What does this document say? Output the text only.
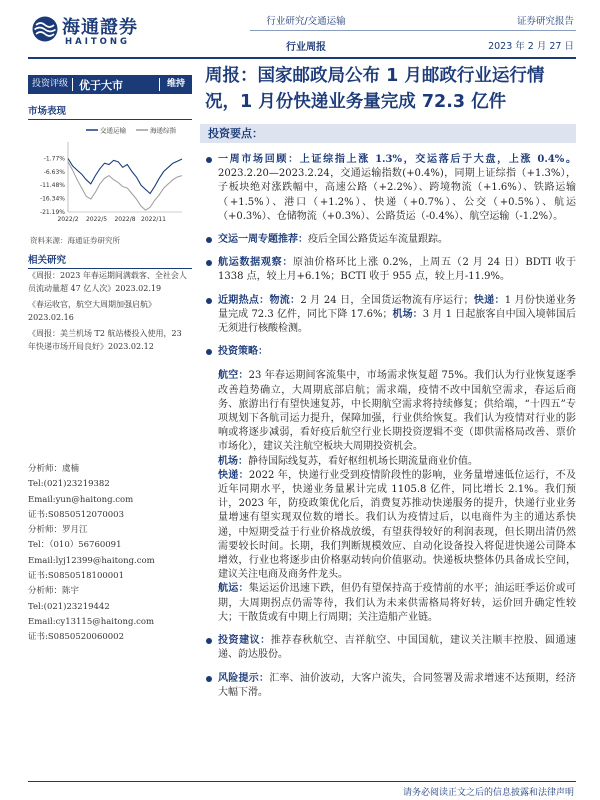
海通證券
HAITONG
行业研究/交通运输
行业周报
证券研究报告
2023 年 2 月 27 日
投资评级	优于大市	维持
市场表现
交通运输	海通综指
-1.77%
-6.63%
-11.48%
-16.34%
-21.19%
2022/2 2022/5 2022/8 2022/11
资料来源：海通证券研究所
相关研究
《周报：2023 年春运期间满载客、全社会人员流动量超 47 亿人次》2023.02.19
《春运收官，航空大周期加强启航》
2023.02.16
《周报：美兰机场 T2 航站楼投入使用，23 年快递市场开局良好》2023.02.12
分析师：虞楠
Tel:(021)23219382
Email:yun@haitong.com
证书:S0850512070003
分析师：罗月江
Tel：（010）56760091
Email:lyj12399@haitong.com
证书:S0850518100001
分析师：陈宇
Tel:(021)23219442
Email:cy13115@haitong.com
证书:S0850520060002
周报：国家邮政局公布 1 月邮政行业运行情况，1 月份快递业务量完成 72.3 亿件
投资要点：
一周市场回顾：上证综指上涨 1.3%，交运落后于大盘，上涨 0.4%。2023.2.20—2023.2.24，交通运输指数(+0.4%)，同期上证综指（+1.3%），子板块绝对涨跌幅中，高速公路（+2.2%）、跨境物流（+1.6%）、铁路运输（+1.5%）、港口（+1.2%）、快递（+0.7%）、公交（+0.5%）、航运（+0.3%）、仓储物流（+0.3%）、公路货运（-0.4%）、航空运输（-1.2%）。
交运一周专题推荐：疫后全国公路货运车流量跟踪。
航运数据观察：原油价格环比上涨 0.2%，上周五（2 月 24 日）BDTI 收于 1338 点，较上月+6.1%；BCTI 收于 955 点，较上月-11.9%。
近期热点：物流：2 月 24 日，全国货运物流有序运行；快递：1 月份快递业务量完成 72.3 亿件，同比下降 17.6%；机场：3 月 1 日起旅客自中国入境韩国后无须进行核酸检测。
投资策略：

航空：23 年春运期间客流集中，市场需求恢复超 75%。我们认为行业恢复逐季改善趋势确立，大周期底部启航；需求端，疫情不改中国航空需求，春运后商务、旅游出行有望快速复苏，中长期航空需求将持续修复；供给端，“十四五”专项规划下各航司运力提升，保障加强，行业供给恢复。我们认为疫情对行业的影响或将逐步减弱，看好疫后航空行业长期投资逻辑不变（即供需格局改善、票价市场化），建议关注航空板块大周期投资机会。

机场：静待国际线复苏，看好枢纽机场长期流量商业价值。

快递：2022 年，快递行业受到疫情阶段性的影响，业务量增速低位运行，不及近年同期水平，快递业务量累计完成 1105.8 亿件，同比增长 2.1%。我们预计，2023 年，防疫政策优化后，消费复苏推动快递服务的提升，快递行业业务量增速有望实现双位数的增长。我们认为疫情过后，以电商件为主的通达系快递，中短期受益于行业价格战放缓，有望获得较好的利润表现，但长期出清仍然需要较长时间。长期，我们判断规模效应、自动化设备投入将促进快递公司降本增效，行业也将逐步由价格驱动转向价值驱动。快递板块整体仍具备成长空间，建议关注电商及商务件龙头。

航运：集运运价迅速下跌，但仍有望保持高于疫情前的水平；油运旺季运价或可期，大周期拐点仍需等待，我们认为未来供需格局将好转，运价回升确定性较大；干散货或有中期上行周期；关注造船产业链。

投资建议：推荐春秋航空、吉祥航空、中国国航，建议关注顺丰控股、圆通速递、韵达股份。
风险提示：汇率、油价波动，大客户流失，合同签署及需求增速不达预期，经济大幅下滑。
请务必阅读正文之后的信息披露和法律声明
